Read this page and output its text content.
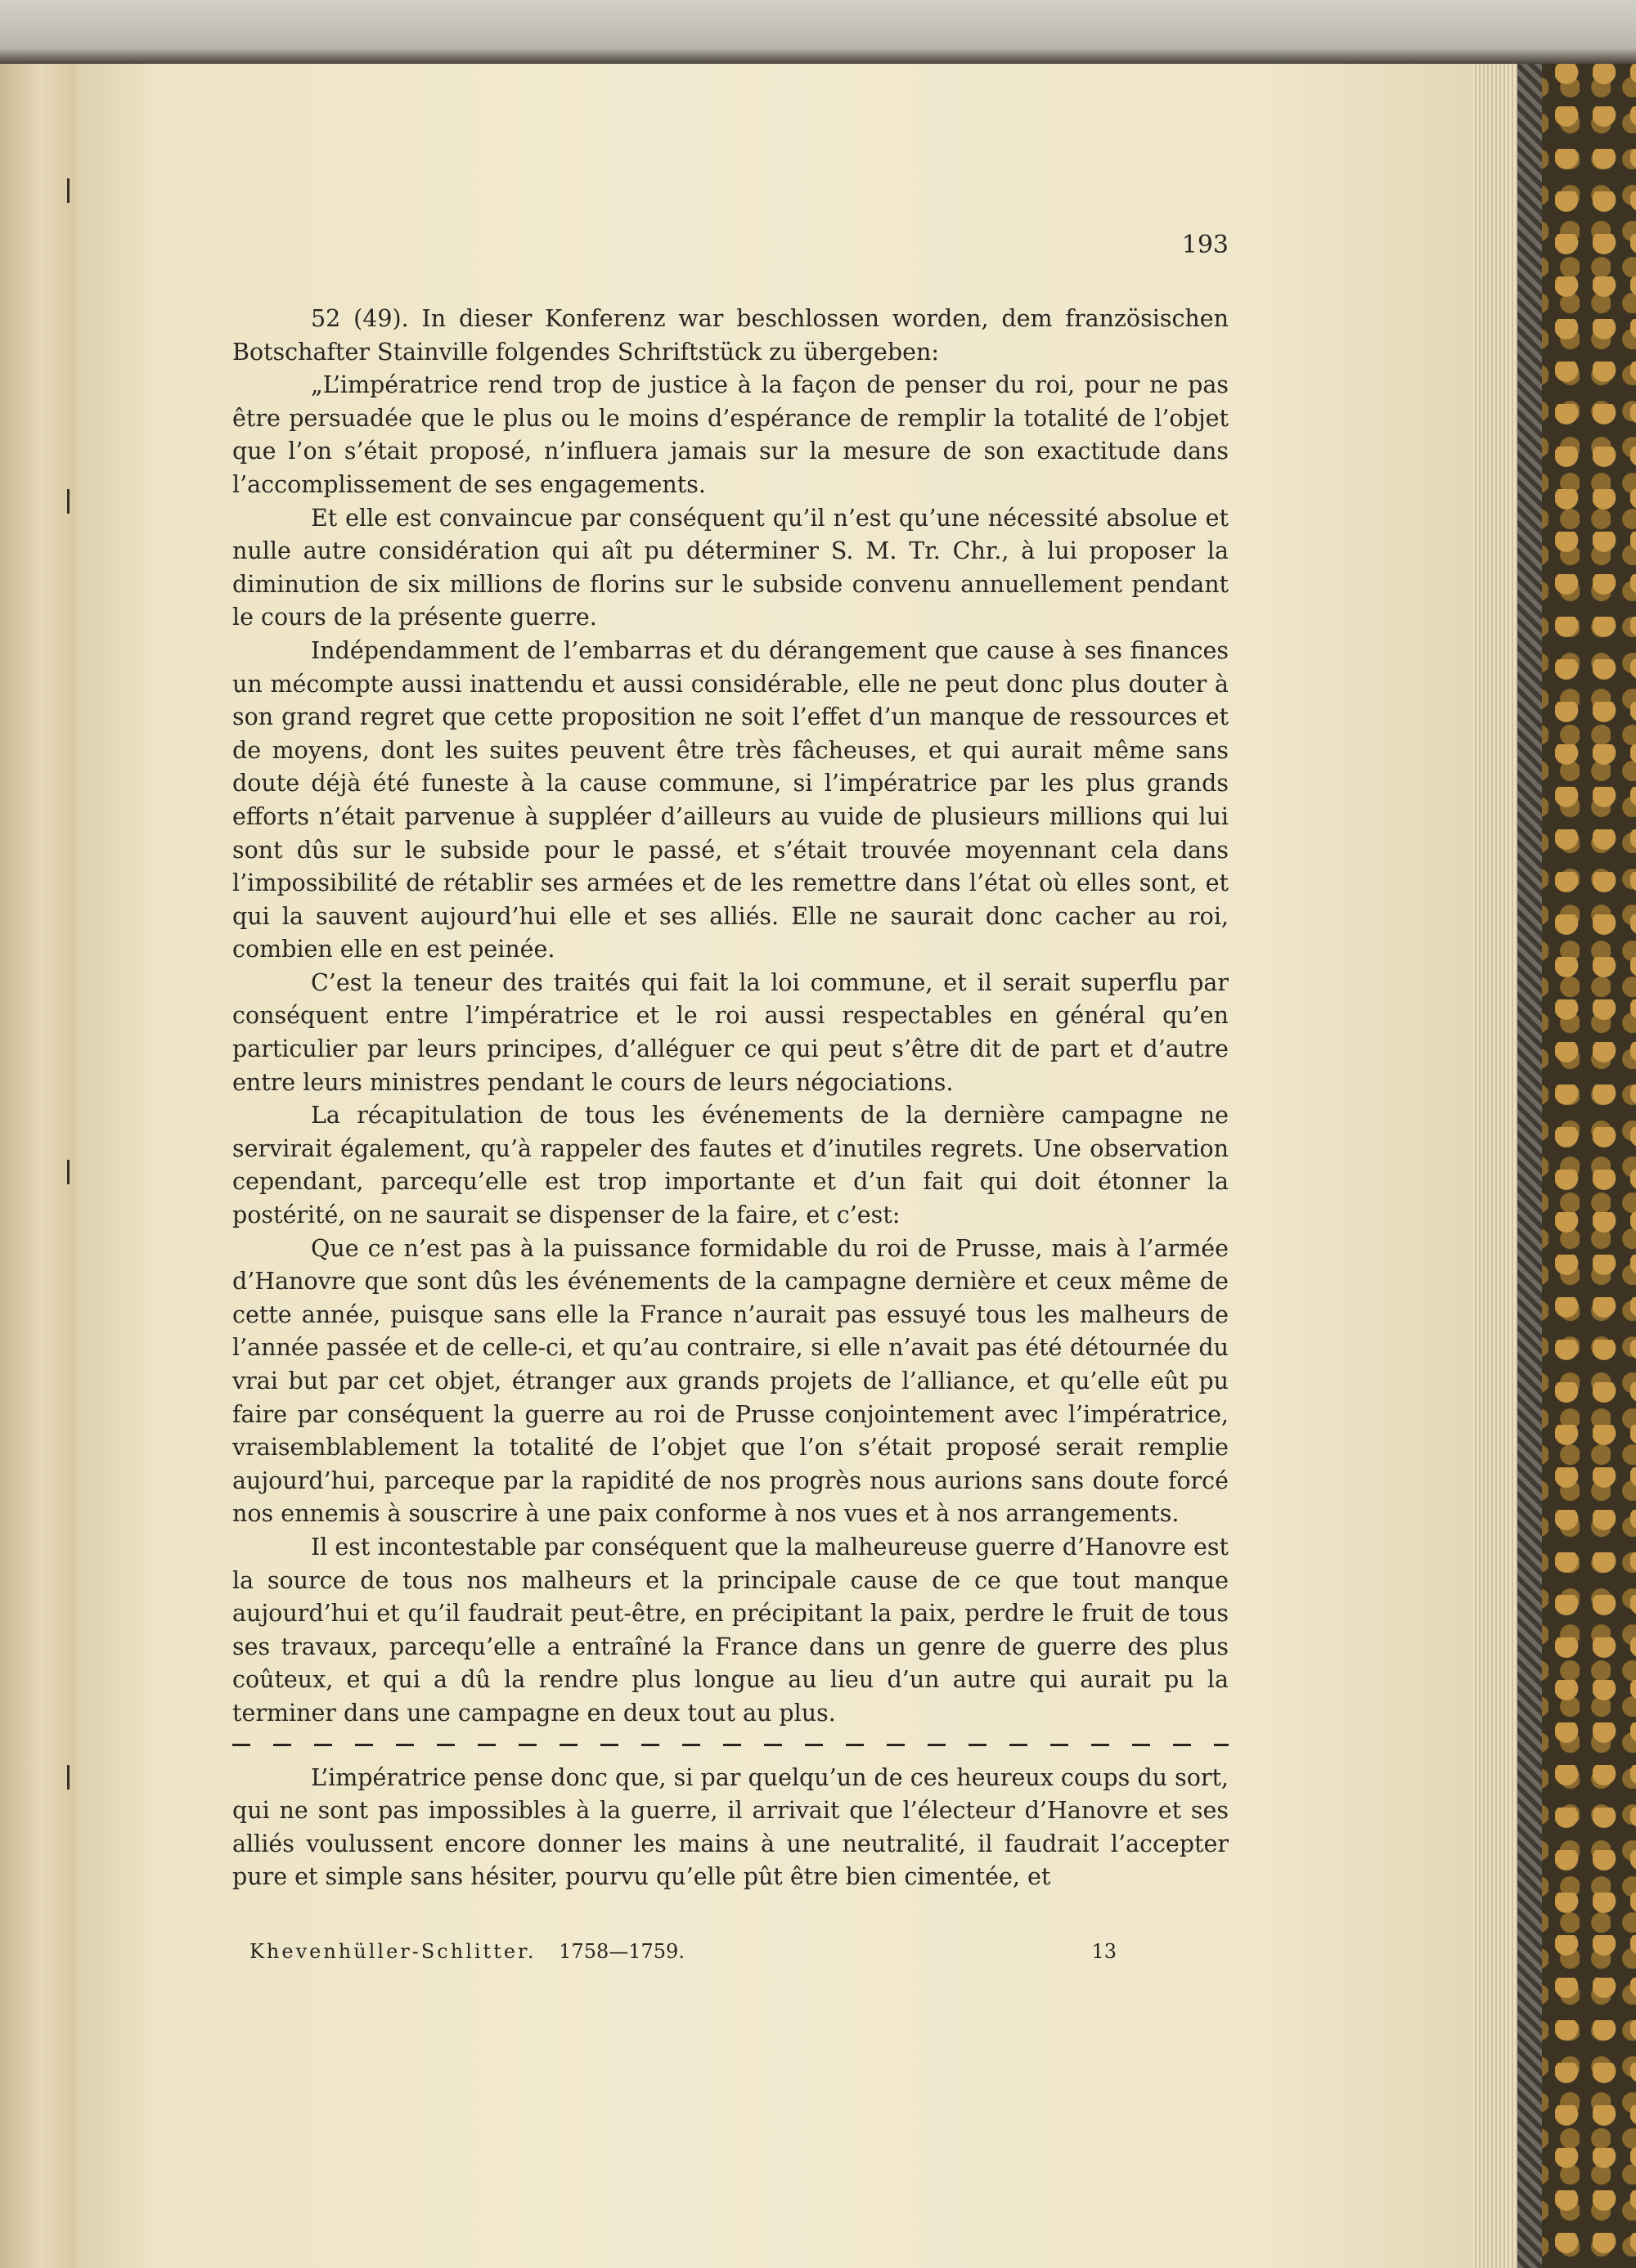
193

52 (49). In dieser Konferenz war beschlossen worden, dem französischen Botschafter Stainville folgendes Schriftstück zu übergeben:

„L’impératrice rend trop de justice à la façon de penser du roi, pour ne pas être persuadée que le plus ou le moins d’espérance de remplir la totalité de l’objet que l’on s’était proposé, n’influera jamais sur la mesure de son exactitude dans l’accomplissement de ses engagements.

Et elle est convaincue par conséquent qu’il n’est qu’une nécessité absolue et nulle autre considération qui aît pu déterminer S. M. Tr. Chr., à lui proposer la diminution de six millions de florins sur le subside convenu annuellement pendant le cours de la présente guerre.

Indépendamment de l’embarras et du dérangement que cause à ses finances un mécompte aussi inattendu et aussi considérable, elle ne peut donc plus douter à son grand regret que cette proposition ne soit l’effet d’un manque de ressources et de moyens, dont les suites peuvent être très fâcheuses, et qui aurait même sans doute déjà été funeste à la cause commune, si l’impératrice par les plus grands efforts n’était parvenue à suppléer d’ailleurs au vuide de plusieurs millions qui lui sont dûs sur le subside pour le passé, et s’était trouvée moyennant cela dans l’impossibilité de rétablir ses armées et de les remettre dans l’état où elles sont, et qui la sauvent aujourd’hui elle et ses alliés. Elle ne saurait donc cacher au roi, combien elle en est peinée.

C’est la teneur des traités qui fait la loi commune, et il serait superflu par conséquent entre l’impératrice et le roi aussi respectables en général qu’en particulier par leurs principes, d’alléguer ce qui peut s’être dit de part et d’autre entre leurs ministres pendant le cours de leurs négociations.

La récapitulation de tous les événements de la dernière campagne ne servirait également, qu’à rappeler des fautes et d’inutiles regrets. Une observation cependant, parcequ’elle est trop importante et d’un fait qui doit étonner la postérité, on ne saurait se dispenser de la faire, et c’est:

Que ce n’est pas à la puissance formidable du roi de Prusse, mais à l’armée d’Hanovre que sont dûs les événements de la campagne dernière et ceux même de cette année, puisque sans elle la France n’aurait pas essuyé tous les malheurs de l’année passée et de celle-ci, et qu’au contraire, si elle n’avait pas été détournée du vrai but par cet objet, étranger aux grands projets de l’alliance, et qu’elle eût pu faire par conséquent la guerre au roi de Prusse conjointement avec l’impératrice, vraisemblablement la totalité de l’objet que l’on s’était proposé serait remplie aujourd’hui, parceque par la rapidité de nos progrès nous aurions sans doute forcé nos ennemis à souscrire à une paix conforme à nos vues et à nos arrangements.

Il est incontestable par conséquent que la malheureuse guerre d’Hanovre est la source de tous nos malheurs et la principale cause de ce que tout manque aujourd’hui et qu’il faudrait peut-être, en précipitant la paix, perdre le fruit de tous ses travaux, parcequ’elle a entraîné la France dans un genre de guerre des plus coûteux, et qui a dû la rendre plus longue au lieu d’un autre qui aurait pu la terminer dans une campagne en deux tout au plus.

L’impératrice pense donc que, si par quelqu’un de ces heureux coups du sort, qui ne sont pas impossibles à la guerre, il arrivait que l’électeur d’Hanovre et ses alliés voulussent encore donner les mains à une neutralité, il faudrait l’accepter pure et simple sans hésiter, pourvu qu’elle pût être bien cimentée, et

Khevenhüller-Schlitter. 1758—1759.	13
